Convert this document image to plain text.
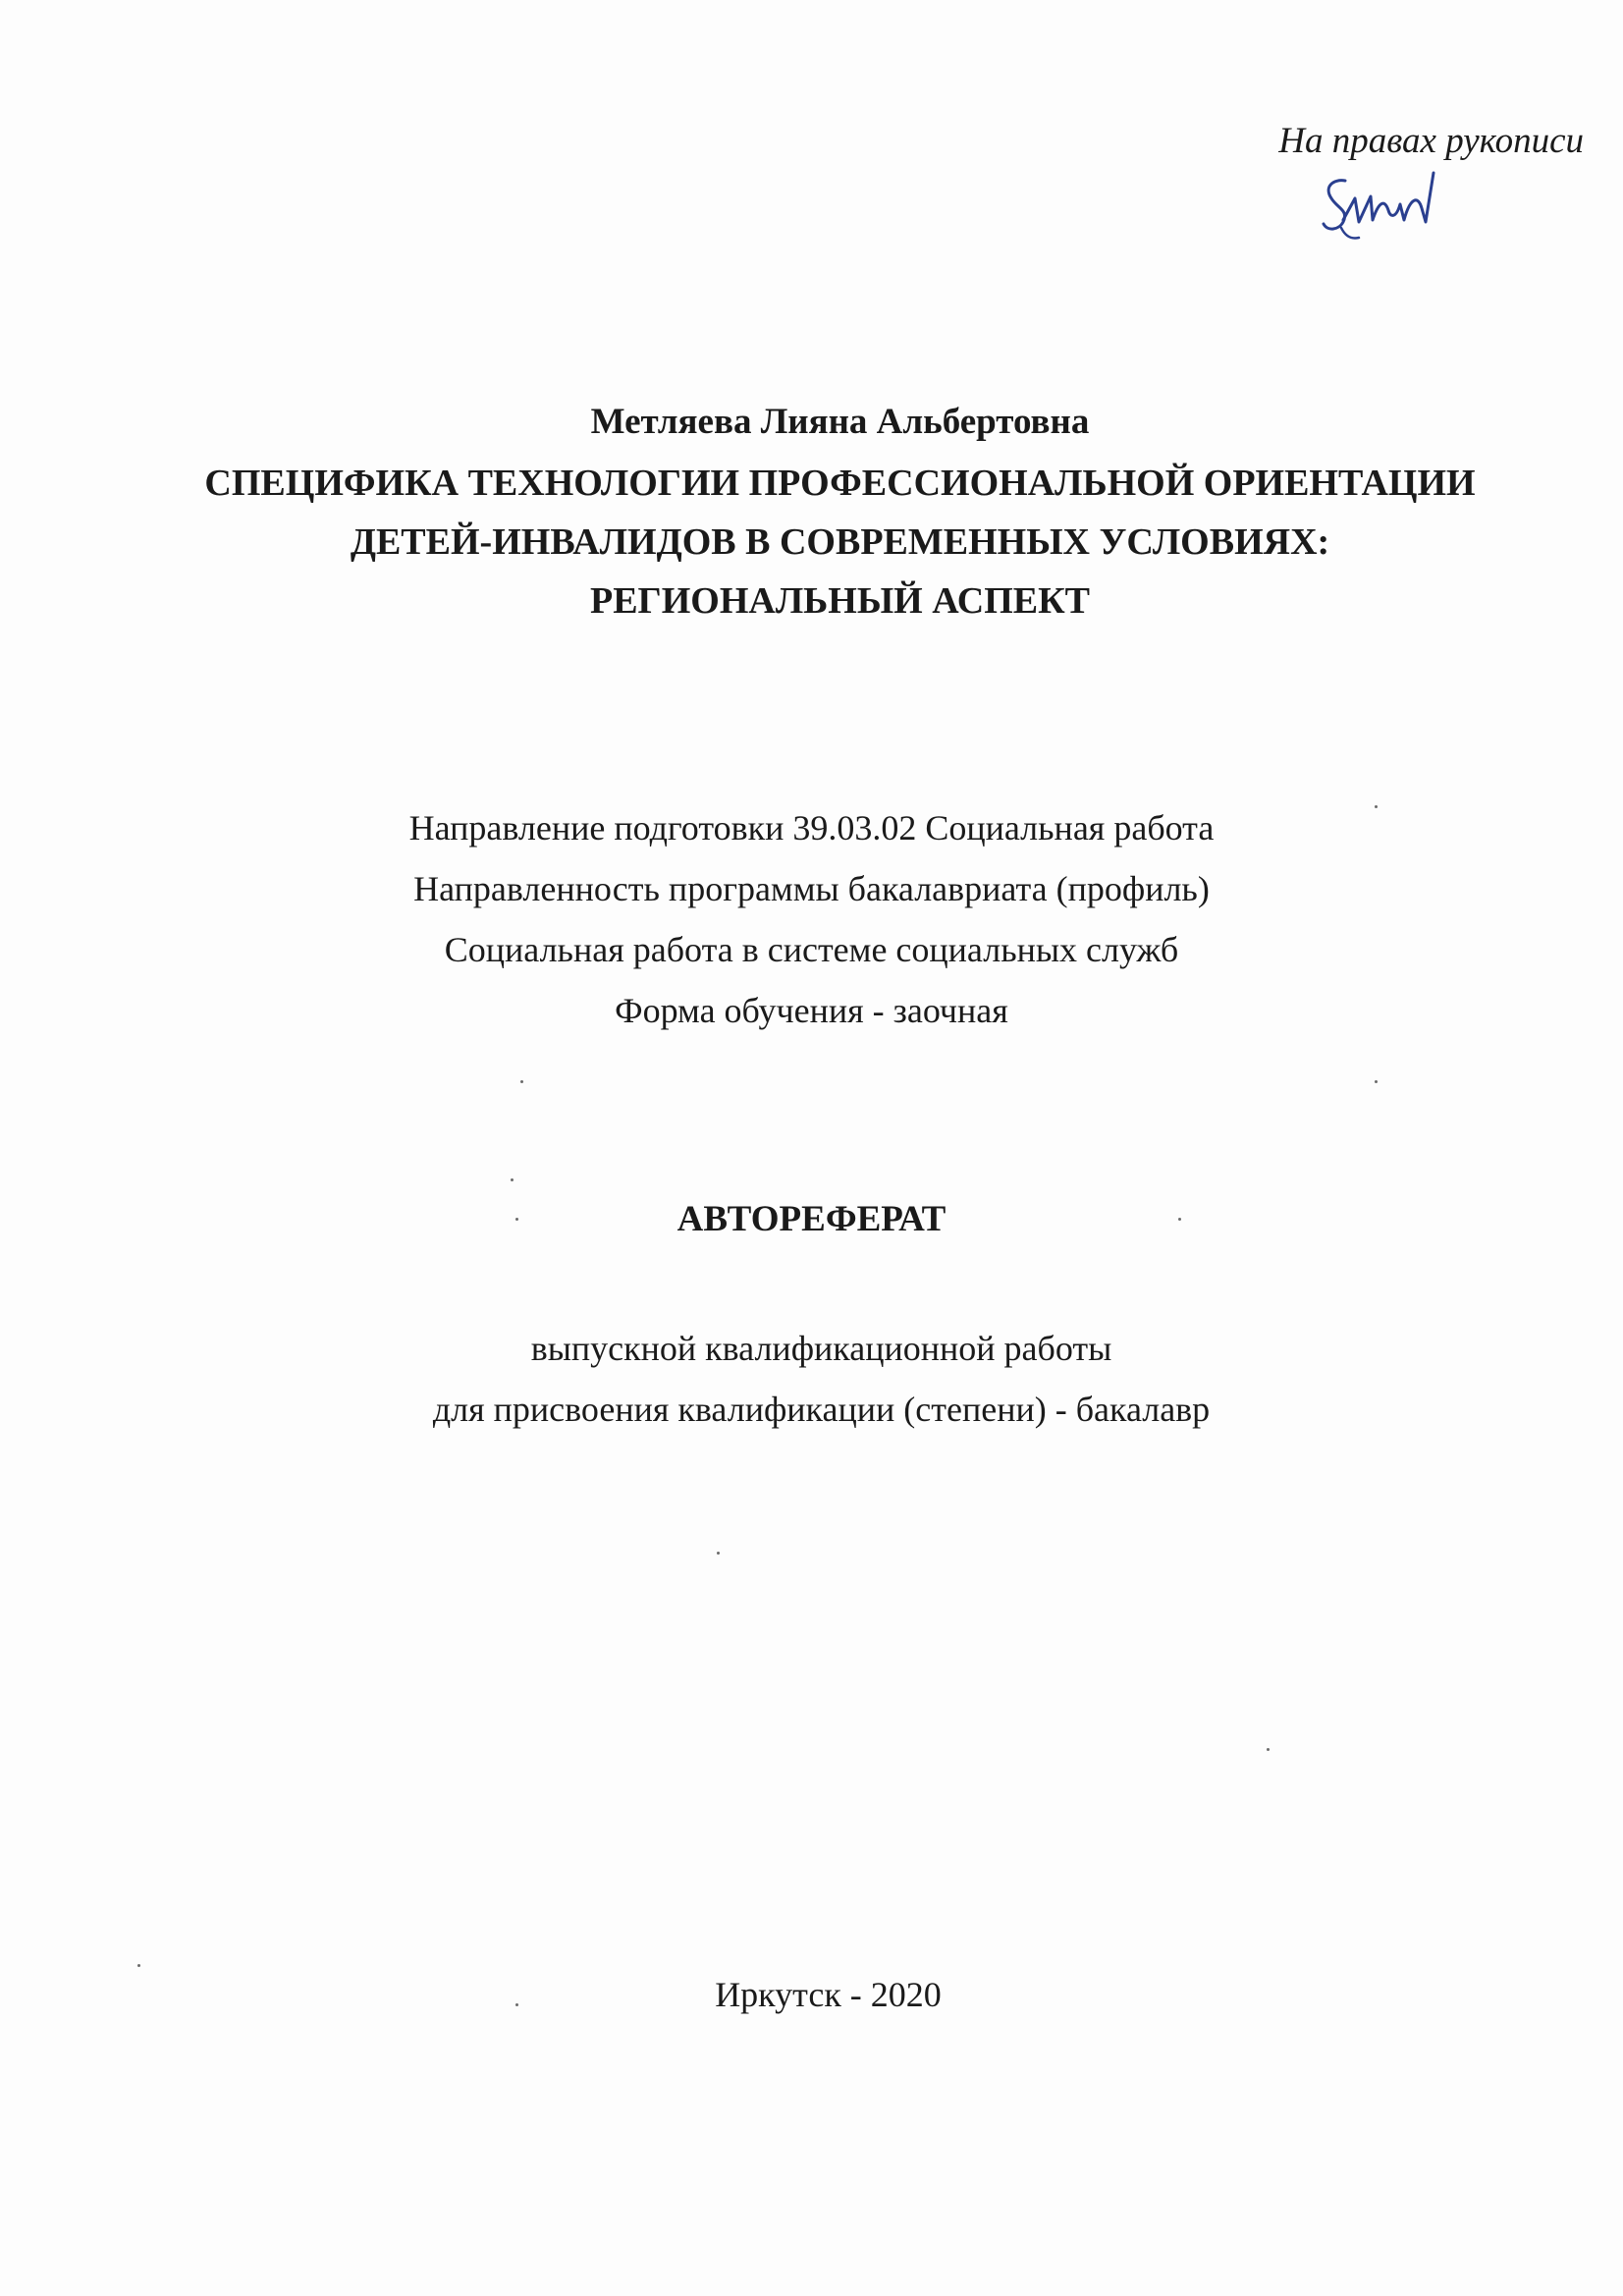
На правах рукописи
Метляева Лияна Альбертовна
СПЕЦИФИКА ТЕХНОЛОГИИ ПРОФЕССИОНАЛЬНОЙ ОРИЕНТАЦИИ
ДЕТЕЙ-ИНВАЛИДОВ В СОВРЕМЕННЫХ УСЛОВИЯХ:
РЕГИОНАЛЬНЫЙ АСПЕКТ
Направление подготовки 39.03.02 Социальная работа
Направленность программы бакалавриата (профиль)
Социальная работа в системе социальных служб
Форма обучения - заочная
АВТОРЕФЕРАТ
выпускной квалификационной работы
для присвоения квалификации (степени) - бакалавр
Иркутск - 2020
